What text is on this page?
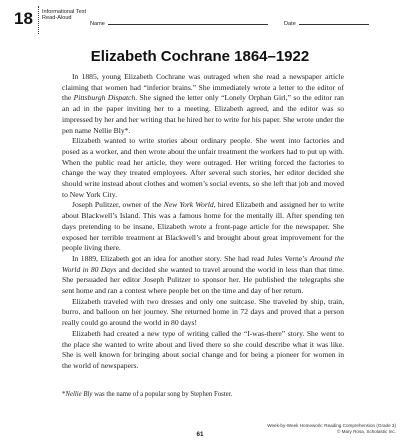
18 Informational Text
Read-Aloud
Name	Date
Elizabeth Cochrane 1864–1922

In 1885, young Elizabeth Cochrane was outraged when she read a newspaper article claiming that women had “inferior brains.” She immediately wrote a letter to the editor of the Pittsburgh Dispatch. She signed the letter only “Lonely Orphan Girl,” so the editor ran an ad in the paper inviting her to a meeting. Elizabeth agreed, and the editor was so impressed by her and her writing that he hired her to write for his paper. She wrote under the pen name Nellie Bly*.

Elizabeth wanted to write stories about ordinary people. She went into factories and posed as a worker, and then wrote about the unfair treatment the workers had to put up with. When the public read her article, they were outraged. Her writing forced the factories to change the way they treated employees. After several such stories, her editor decided she should write instead about clothes and women’s social events, so she left that job and moved to New York City.

Joseph Pulitzer, owner of the New York World, hired Elizabeth and assigned her to write about Blackwell’s Island. This was a famous home for the mentally ill. After spending ten days pretending to be insane, Elizabeth wrote a front-page article for the newspaper. She exposed her terrible treatment at Blackwell’s and brought about great improvement for the people living there.

In 1889, Elizabeth got an idea for another story. She had read Jules Verne’s Around the World in 80 Days and decided she wanted to travel around the world in less than that time. She persuaded her editor Joseph Pulitzer to sponsor her. He published the telegraphs she sent home and ran a contest where people bet on the time and day of her return.

Elizabeth traveled with two dresses and only one suitcase. She traveled by ship, train, burro, and balloon on her journey. She returned home in 72 days and proved that a person really could go around the world in 80 days!

Elizabeth had created a new type of writing called the “I-was-there” story. She went to the place she wanted to write about and lived there so she could describe what it was like. She is well known for bringing about social change and for being a pioneer for women in the world of newspapers.

*Nellie Bly was the name of a popular song by Stephen Foster.
Week-by-Week Homework: Reading Comprehension (Grade 3)
© Mary Rosa, Scholastic Inc.
61
